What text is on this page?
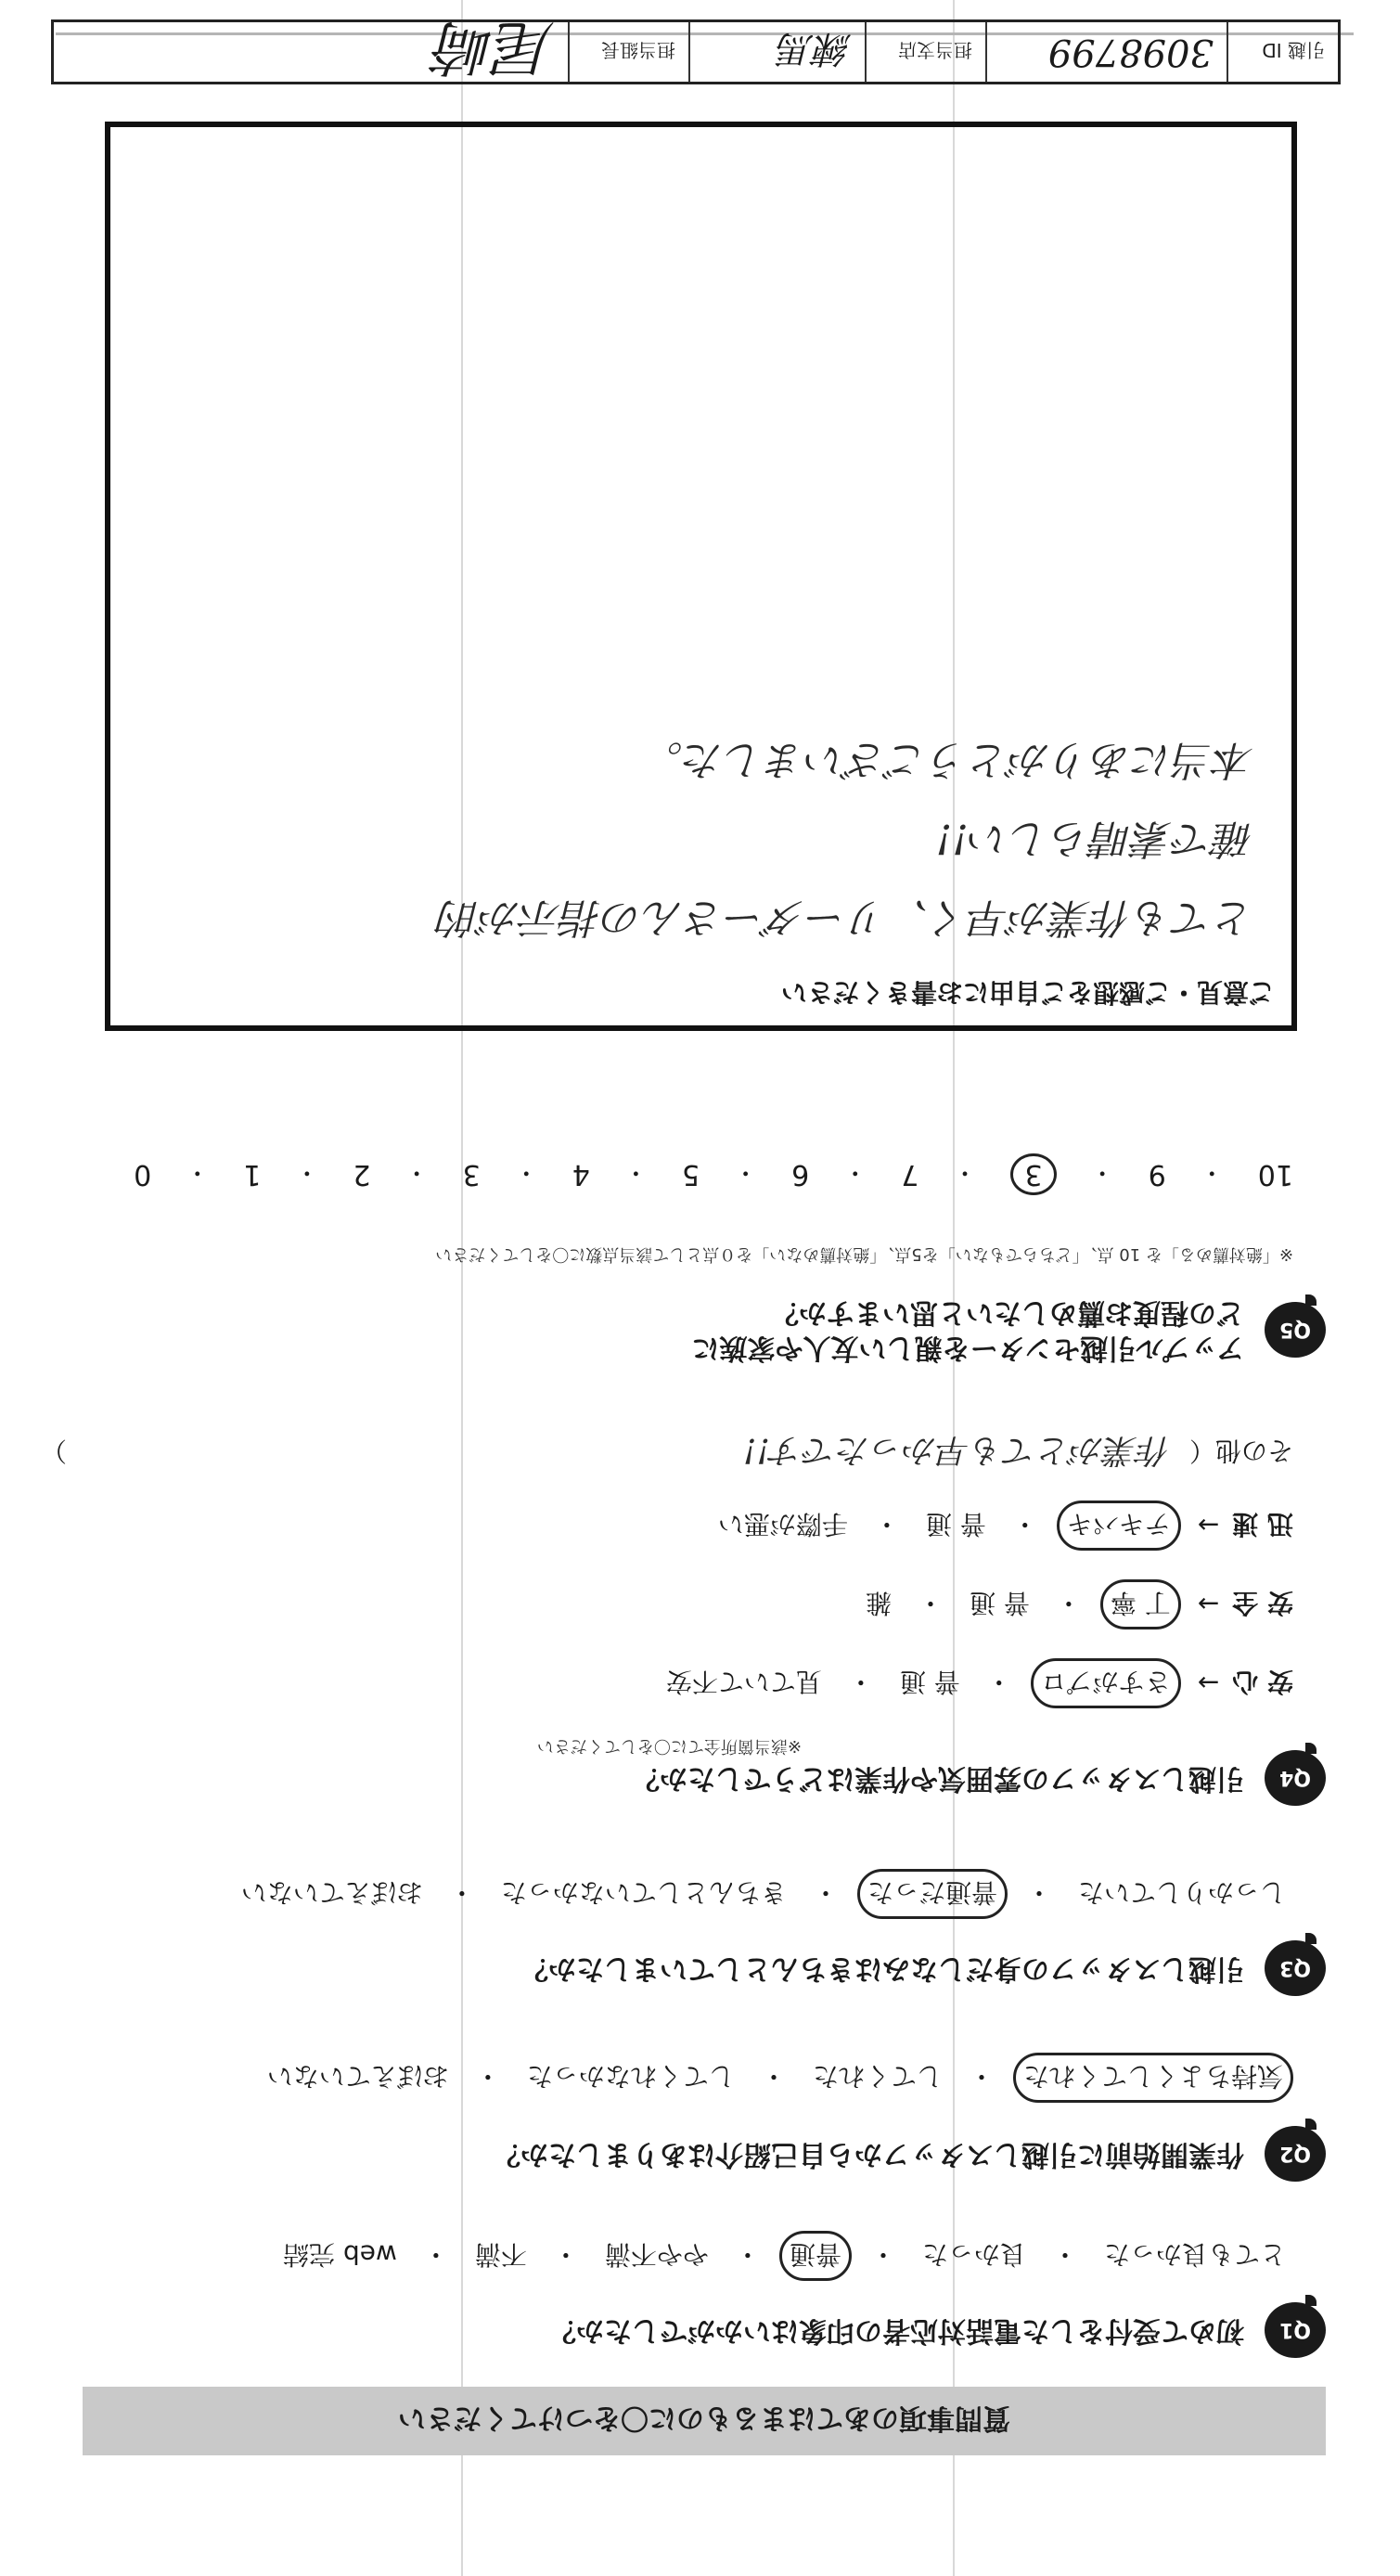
質問事項のあてはまるものに〇をつけてください
Q1
初めて受付をした電話対応者の印象はいかがでしたか？
とても良かった
・
良かった
・
普通
・
やや不満
・
不満
・
web 完結
Q2
作業開始前に引越しスタッフから自己紹介はありましたか？
気持ちよくしてくれた
・
してくれた
・
してくれなかった
・
おぼえていない
Q3
引越しスタッフの身だしなみはきちんとしていましたか？
しっかりしていた
・
普通だった
・
きちんとしていなかった
・
おぼえていない
Q4
引越しスタッフの雰囲気や作業はどうでしたか？
※該当箇所全てに〇をしてください
安 心
→
さすがプロ
・
普 通
・
見ていて不安
安 全
→
丁 寧
・
普 通
・
雑
迅 速
→
テキパキ
・
普 通
・
手際が悪い
その他（
作業がとても早かったです!!
）
Q5
アップル引越センターを親しい友人や家族に
どの程度お薦めしたいと思いますか？
※「絶対薦める」を 10 点、「どちらでもない」を5点、「絶対薦めない」を０点として該当点数に〇をしてください
10
・
9
・
3
・
7
・
6
・
5
・
4
・
3
・
2
・
1
・
0
ご意見・ご感想をご自由にお書きください
とても作業が早く、リーダーさんの指示が的
確で素晴らしい!!
本当にありがとうございました。
引越 ID
3098799
担当支店
練馬
担当組長
尾崎
